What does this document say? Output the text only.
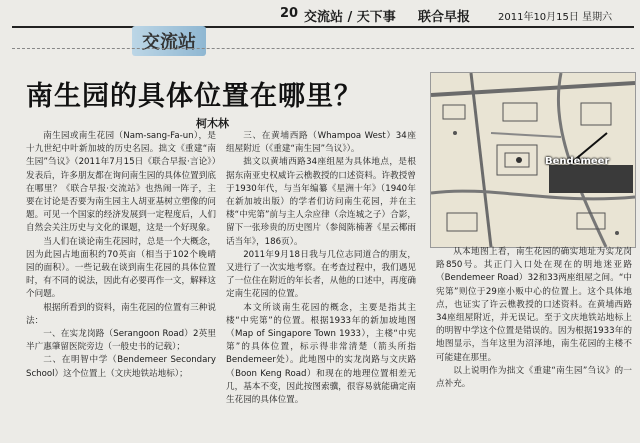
20 交流站 / 天下事 联合早报	2011年10月15日 星期六
交流站
南生园的具体位置在哪里？
柯木林

南生园或南生花园（Nam-sang-Fa-un），是十九世纪中叶新加坡的历史名园。拙文《重建“南生园”刍议》（2011年7月15日《联合早报·言论》）发表后，许多朋友都在询问南生园的具体位置到底在哪里？《联合早报·交流站》也热闹一阵子，主要在讨论是否要为南生园主人胡亚基树立塑像的问题。可见一个国家的经济发展到一定程度后，人们自然会关注历史与文化的课题，这是一个好现象。

当人们在谈论南生花园时，总是一个大概念，因为此园占地面积约70英亩（相当于102个晚晴园的面积）。一些记载在谈到南生花园的具体位置时，有不同的说法，因此有必要再作一文，解释这个问题。

根据所看到的资料，南生花园的位置有三种说法：

一、在实龙岗路（Serangoon Road）2英里半广惠肇留医院旁边（一般史书的记载）；

二、在明智中学（Bendemeer Secondary School）这个位置上（文庆地铁站地标）；

三、在黄埔西路（Whampoa West）34座组屋附近（《重建“南生园”刍议》）。

拙文以黄埔西路34座组屋为具体地点，是根据东南亚史权威许云樵教授的口述资料。许教授曾于1930年代，与当年编纂《星洲十年》（1940年在新加坡出版）的学者们访问南生花园，并在主楼“中宪第”前与主人佘应律（佘连城之子）合影，留下一张珍贵的历史图片（参阅陈楠著《星云椰雨话当年》，186页）。

2011年9月18日我与几位志同道合的朋友，又进行了一次实地考察。在考查过程中，我们遇见了一位住在附近的年长者，从他的口述中，再度确定南生花园的位置。

本文所谈南生花园的概念，主要是指其主楼“中宪第”的位置。根据1933年的新加坡地图（Map of Singapore Town 1933），主楼“中宪第”的具体位置，标示得非常清楚（箭头所指Bendemeer处）。此地图中的实龙岗路与文庆路（Boon Keng Road）和现在的地理位置相差无几，基本不变，因此按图索骥，很容易就能确定南生花园的具体位置。

Bendemeer

从本地图上看，南生花园的确实地址为实龙岗路850号。其正门入口处在现在的明地迷亚路（Bendemeer Road）32和33两座组屋之间。“中宪第”则位于29座小贩中心的位置上。这个具体地点，也证实了许云樵教授的口述资料。在黄埔西路34座组屋附近，并无误记。至于文庆地铁站地标上的明智中学这个位置是错误的。因为根据1933年的地图显示，当年这里为沼泽地，南生花园的主楼不可能建在那里。

以上说明作为拙文《重建“南生园”刍议》的一点补充。
